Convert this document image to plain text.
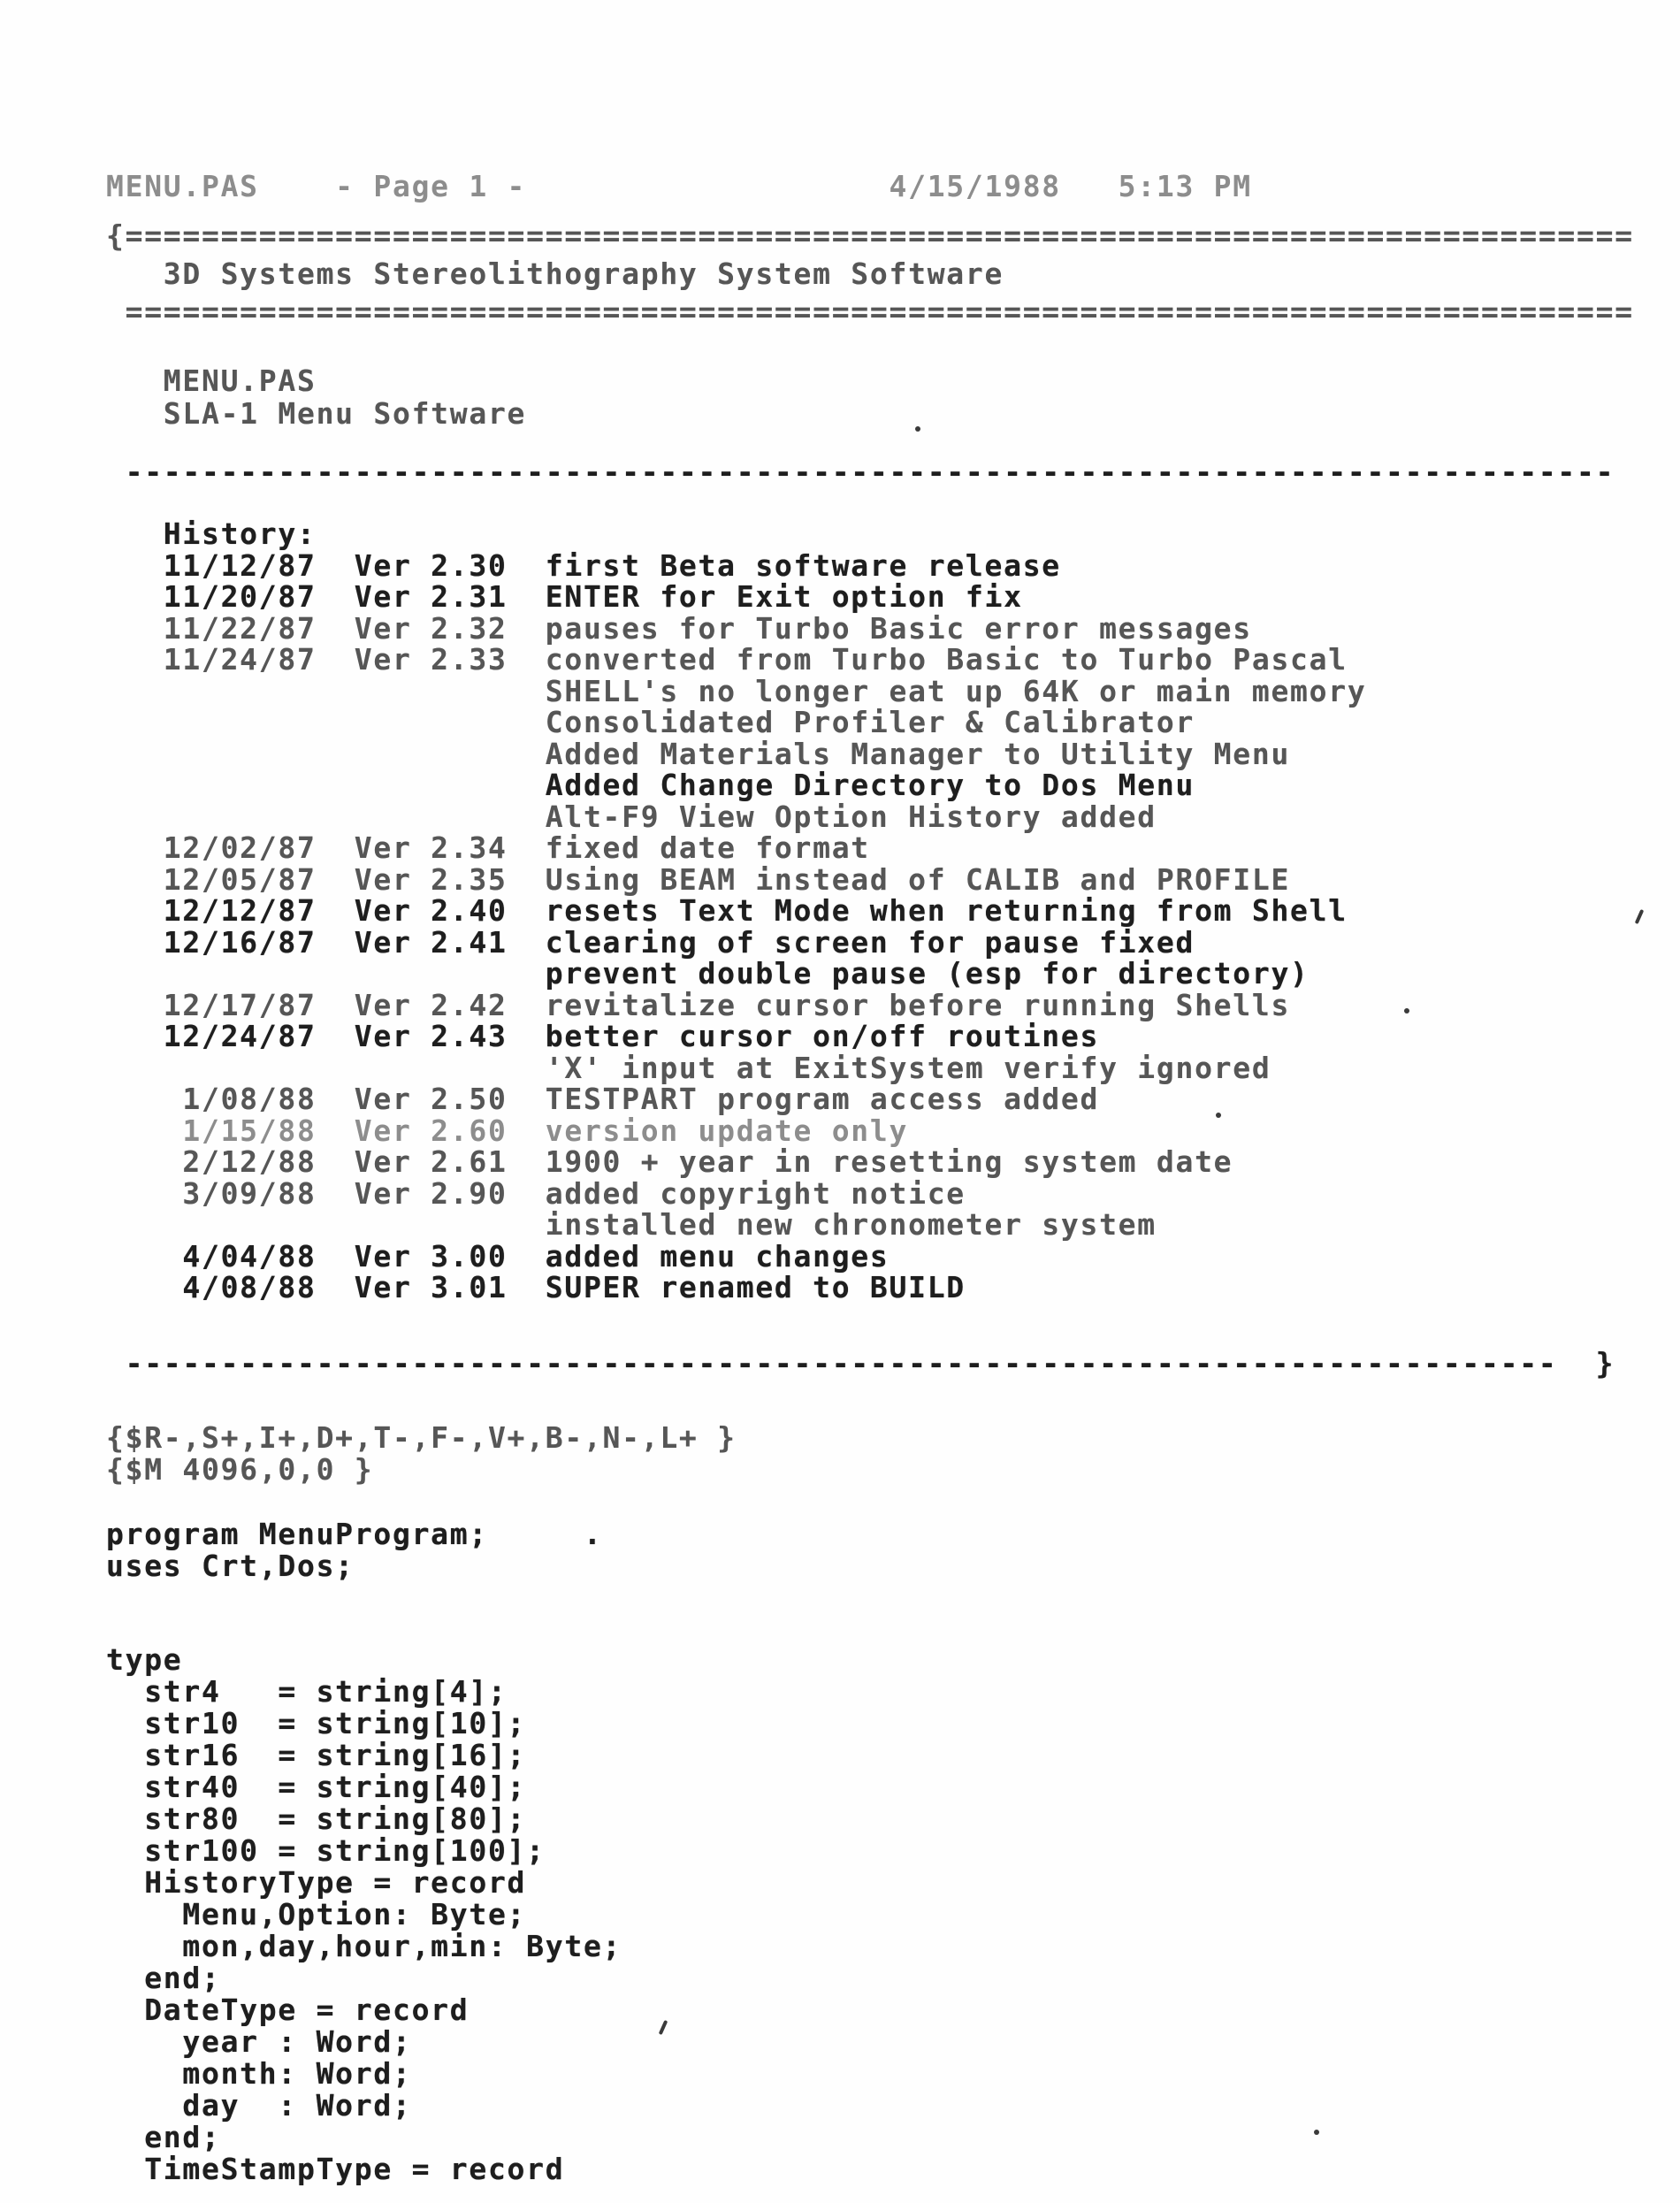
MENU.PAS    - Page 1 -                   4/15/1988   5:13 PM
{===============================================================================
3D Systems Stereolithography System Software
===============================================================================
MENU.PAS
SLA-1 Menu Software
------------------------------------------------------------------------------
History:
11/12/87  Ver 2.30  first Beta software release
11/20/87  Ver 2.31  ENTER for Exit option fix
11/22/87  Ver 2.32  pauses for Turbo Basic error messages
11/24/87  Ver 2.33  converted from Turbo Basic to Turbo Pascal
SHELL's no longer eat up 64K or main memory
Consolidated Profiler & Calibrator
Added Materials Manager to Utility Menu
Added Change Directory to Dos Menu
Alt-F9 View Option History added
12/02/87  Ver 2.34  fixed date format
12/05/87  Ver 2.35  Using BEAM instead of CALIB and PROFILE
12/12/87  Ver 2.40  resets Text Mode when returning from Shell
12/16/87  Ver 2.41  clearing of screen for pause fixed
prevent double pause (esp for directory)
12/17/87  Ver 2.42  revitalize cursor before running Shells
12/24/87  Ver 2.43  better cursor on/off routines
'X' input at ExitSystem verify ignored
1/08/88  Ver 2.50  TESTPART program access added
1/15/88  Ver 2.60  version update only
2/12/88  Ver 2.61  1900 + year in resetting system date
3/09/88  Ver 2.90  added copyright notice
installed new chronometer system
4/04/88  Ver 3.00  added menu changes
4/08/88  Ver 3.01  SUPER renamed to BUILD
---------------------------------------------------------------------------  }
{$R-,S+,I+,D+,T-,F-,V+,B-,N-,L+ }
{$M 4096,0,0 }
program MenuProgram;     .
uses Crt,Dos;
type
str4   = string[4];
str10  = string[10];
str16  = string[16];
str40  = string[40];
str80  = string[80];
str100 = string[100];
HistoryType = record
Menu,Option: Byte;
mon,day,hour,min: Byte;
end;
DateType = record
year : Word;
month: Word;
day  : Word;
end;
TimeStampType = record
